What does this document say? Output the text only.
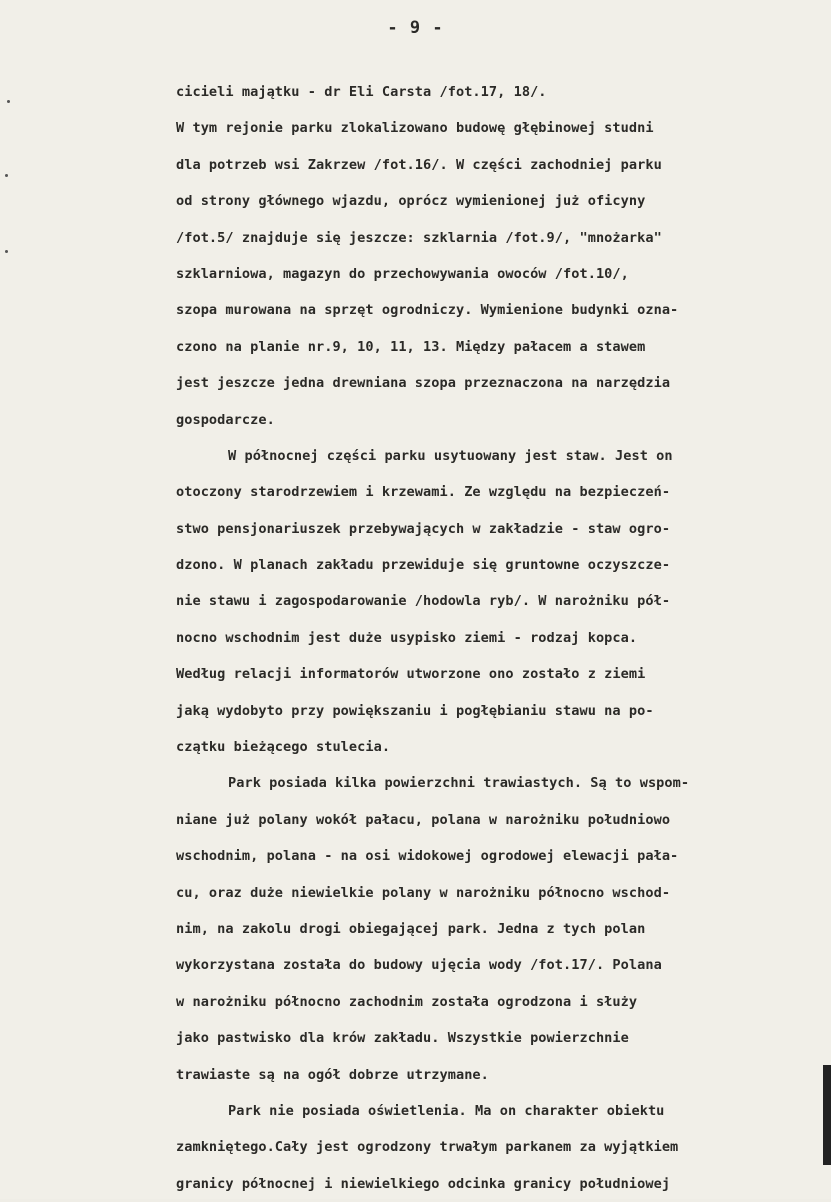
- 9 -
cicieli majątku - dr Eli Carsta /fot.17, 18/.
W tym rejonie parku zlokalizowano budowę głębinowej studni
dla potrzeb wsi Zakrzew /fot.16/. W części zachodniej parku
od strony głównego wjazdu, oprócz wymienionej już oficyny
/fot.5/ znajduje się jeszcze: szklarnia /fot.9/, "mnożarka"
szklarniowa, magazyn do przechowywania owoców /fot.10/,
szopa murowana na sprzęt ogrodniczy. Wymienione budynki ozna-
czono na planie nr.9, 10, 11, 13. Między pałacem a stawem
jest jeszcze jedna drewniana szopa przeznaczona na narzędzia
gospodarcze.
W północnej części parku usytuowany jest staw. Jest on
otoczony starodrzewiem i krzewami. Ze względu na bezpieczeń-
stwo pensjonariuszek przebywających w zakładzie - staw ogro-
dzono. W planach zakładu przewiduje się gruntowne oczyszcze-
nie stawu i zagospodarowanie /hodowla ryb/. W narożniku pół-
nocno wschodnim jest duże usypisko ziemi - rodzaj kopca.
Według relacji informatorów utworzone ono zostało z ziemi
jaką wydobyto przy powiększaniu i pogłębianiu stawu na po-
czątku bieżącego stulecia.
Park posiada kilka powierzchni trawiastych. Są to wspom-
niane już polany wokół pałacu, polana w narożniku południowo
wschodnim, polana - na osi widokowej ogrodowej elewacji pała-
cu, oraz duże niewielkie polany w narożniku północno wschod-
nim, na zakolu drogi obiegającej park. Jedna z tych polan
wykorzystana została do budowy ujęcia wody /fot.17/. Polana
w narożniku północno zachodnim została ogrodzona i służy
jako pastwisko dla krów zakładu. Wszystkie powierzchnie
trawiaste są na ogół dobrze utrzymane.
Park nie posiada oświetlenia. Ma on charakter obiektu
zamkniętego.Cały jest ogrodzony trwałym parkanem za wyjątkiem
granicy północnej i niewielkiego odcinka granicy południowej
